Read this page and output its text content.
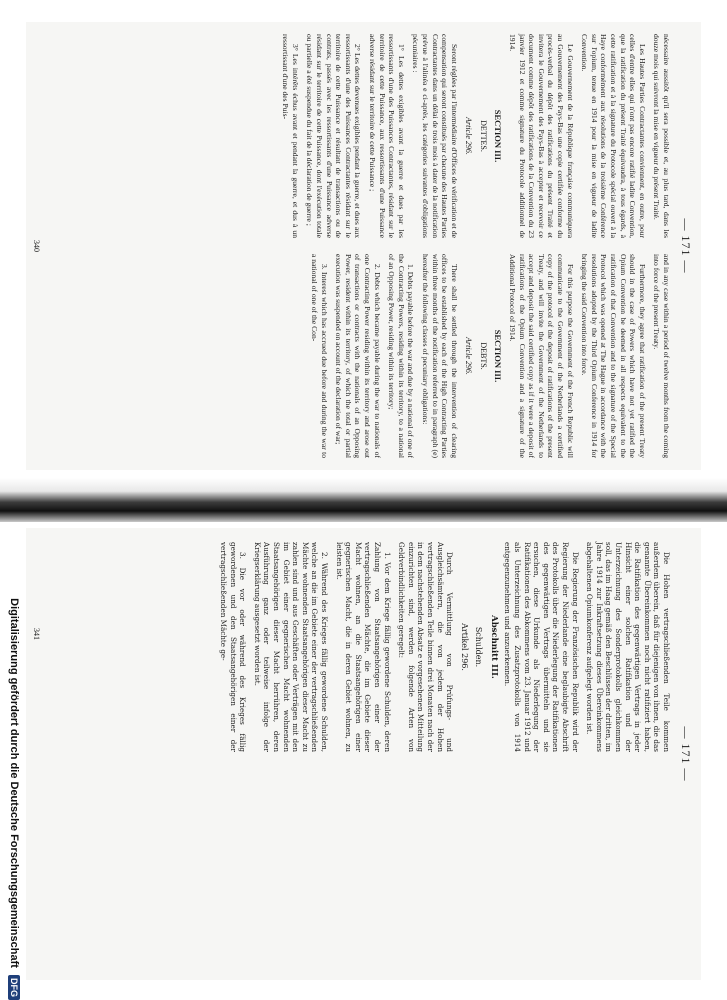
— 171 —

nécessaire aussitôt qu'il sera possible et, au plus tard, dans les douze mois qui suivront la mise en vigueur du présent Traité.

Les Hautes Parties Contractantes conviennent, en outre, pour celles d'entre elles qui n'ont pas encore ratifié ladite Convention, que la ratification du présent Traité équivaudra, à tous égards, à cette ratification et à la signature du Protocole spécial ouvert à la Haye conformément aux résolutions de la troisième Conférence sur l'opium, tenue en 1914 pour la mise en vigueur de ladite Convention.

Le Gouvernement de la République française communiquera au Gouvernement des Pays-Bas une copie certifiée conforme du procès-verbal du dépôt des ratifications du présent Traité et invitera le Gouvernement des Pays-Bas à accepter et recevoir ce document comme dépôt des ratifications de la Convention du 23 janvier 1912 et comme signature du Protocole additionnel de 1914.

SECTION III.

DETTES.

Article 296.

Seront réglées par l'intermédiaire d'Offices de vérification et de compensation qui seront constitués par chacune des Hautes Parties Contractantes dans un délai de trois mois à dater de la notification prévue à l'alinéa e ci-après, les catégories suivantes d'obligations pécuniaires :

1° Les dettes exigibles avant la guerre et dues par les ressortissants d'une des Puissances Contractantes, résidant sur le territoire de cette Puissance, aux ressortissants d'une Puissance adverse résidant sur le territoire de cette Puissance ;

2° Les dettes devenues exigibles pendant la guerre, et dues aux ressortissants d'une des Puissances Contractantes résidant sur le territoire de cette Puissance et résultant de transactions ou de contrats, passés avec les ressortissants d'une Puissance adverse résidant sur le territoire de cette Puissance, dont l'exécution totale ou partielle a été suspendue du fait de la déclaration de guerre ;

3° Les intérêts échus avant et pendant la guerre, et dus à un ressortissant d'une des Puis-

and in any case within a period of twelve months from the coming into force of the present Treaty.

Furthermore, they agree that ratification of the present Treaty should in the case of Powers which have not yet ratified the Opium Convention be deemed in all respects equivalent to the ratification of that Convention and to the signature of the Special Protocol which was opened at The Hague in accordance with the resolutions adopted by the Third Opium Conference in 1914 for bringing the said Convention into force.

For this purpose the Government of the French Republic will communicate to the Government of the Netherlands a certified copy of the protocol of the deposit of ratifications of the present Treaty, and will invite the Government of the Netherlands to accept and deposit the said certified copy as if it were a deposit of ratifications of the Opium Convention and a signature of the Additional Protocol of 1914.

SECTION III.

DEBTS.

Article 296.

There shall be settled through the intervention of clearing offices to be established by each of the High Contracting Parties within three months of the notification referred to in paragraph (e) hereafter the following classes of pecuniary obligations:

1. Debts payable before the war and due by a national of one of the Contracting Powers, residing within its territory, to a national of an Opposing Power, residing within its territory;

2. Debts which became payable during the war to nationals of one Contracting Power residing within its territory and arose out of transactions or contracts with the nationals of an Opposing Power, resident within its territory, of which the total or partial execution was suspended on account of the declaration of war;

3. Interest which has accrued due before and during the war to a national of one of the Con-

340
— 171 —

Die Hohen vertragschließenden Teile kommen außerdem überein, daß für diejenigen von ihnen, die das genannte Übereinkommen noch nicht ratifiziert haben, die Ratifikation des gegenwärtigen Vertrags in jeder Hinsicht einer solchen Ratifikation und der Unterzeichnung des Sonderprotokolls gleichkommen soll, das im Haag gemäß den Beschlüssen der dritten, im Jahre 1914 zur Inkraftsetzung dieses Übereinkommens abgehaltenen Opiumkonferenz aufgelegt worden ist.

Die Regierung der Französischen Republik wird der Regierung der Niederlande eine beglaubigte Abschrift des Protokolls über die Niederlegung der Ratifikationen des gegenwärtigen Vertrags übermitteln und sie ersuchen, diese Urkunde als Niederlegung der Ratifikationen des Abkommens vom 23. Januar 1912 und als Unterzeichnung des Zusatzprotokolls von 1914 entgegenzunehmen und anzuerkennen.

Abschnitt III.

Schulden.

Artikel 296.

Durch Vermittlung von Prüfungs- und Ausgleichsämtern, die von jedem der Hohen vertragschließenden Teile binnen drei Monaten nach der in dem nachstehenden Absatz e vorgesehenen Mitteilung einzurichten sind, werden folgende Arten von Geldverbindlichkeiten geregelt:

1. Vor dem Kriege fällig gewordene Schulden, deren Zahlung von Staatsangehörigen einer der vertragschließenden Mächte, die im Gebiete dieser Macht wohnen, an die Staatsangehörigen einer gegnerischen Macht, die in deren Gebiet wohnen, zu leisten ist.

2. Während des Krieges fällig gewordene Schulden, welche an die im Gebiete einer der vertragschließenden Mächte wohnenden Staatsangehörigen dieser Macht zu zahlen sind und aus Geschäften oder Verträgen mit den im Gebiet einer gegnerischen Macht wohnenden Staatsangehörigen dieser Macht herrühren, deren Ausführung ganz oder teilweise infolge der Kriegserklärung ausgesetzt worden ist.

3. Die vor oder während des Krieges fällig gewordenen und den Staatsangehörigen einer der vertragschließenden Mächte ge-

341
Digitalisierung gefördert durch die Deutsche Forschungsgemeinschaft DFG
